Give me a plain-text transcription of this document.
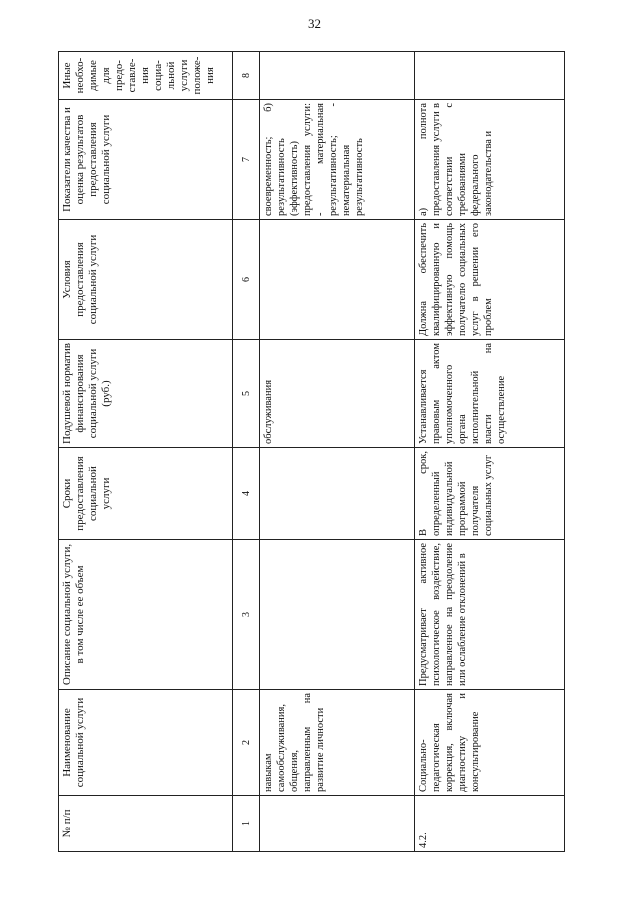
32
№ п/п	Наименование социальной услуги	Описание социальной услуги, в том числе ее объем	Сроки предоставления социальной услуги	Подушевой норматив финансирования социальной услуги (руб.)	Условия предоставления социальной услуги	Показатели качества и оценка результатов предоставления социальной услуги	Иные необхо-димые для предо-ставле-ния социа-льной услуги положе-ния
1	2	3	4	5	6	7	8
	навыкам самообслуживания, общения, направленным на развитие личности			обслуживания		своевременность; б) результативность (эффективность) предоставления услуги: - материальная результативность; - нематериальная результативность	
4.2.	Социально-педагогическая коррекция, включая диагностику и консультирование	Предусматривает активное психологическое воздействие, направленное на преодоление или ослабление отклонений в	В срок, определенный индивидуальной программой получателя социальных услуг	Устанавливается правовым актом уполномоченного органа исполнительной власти на осуществление	Должна обеспечить квалифицированную и эффективную помощь получателю социальных услуг в решении его проблем	а) полнота предоставления услуги в соответствии с требованиями федерального законодательства и	
